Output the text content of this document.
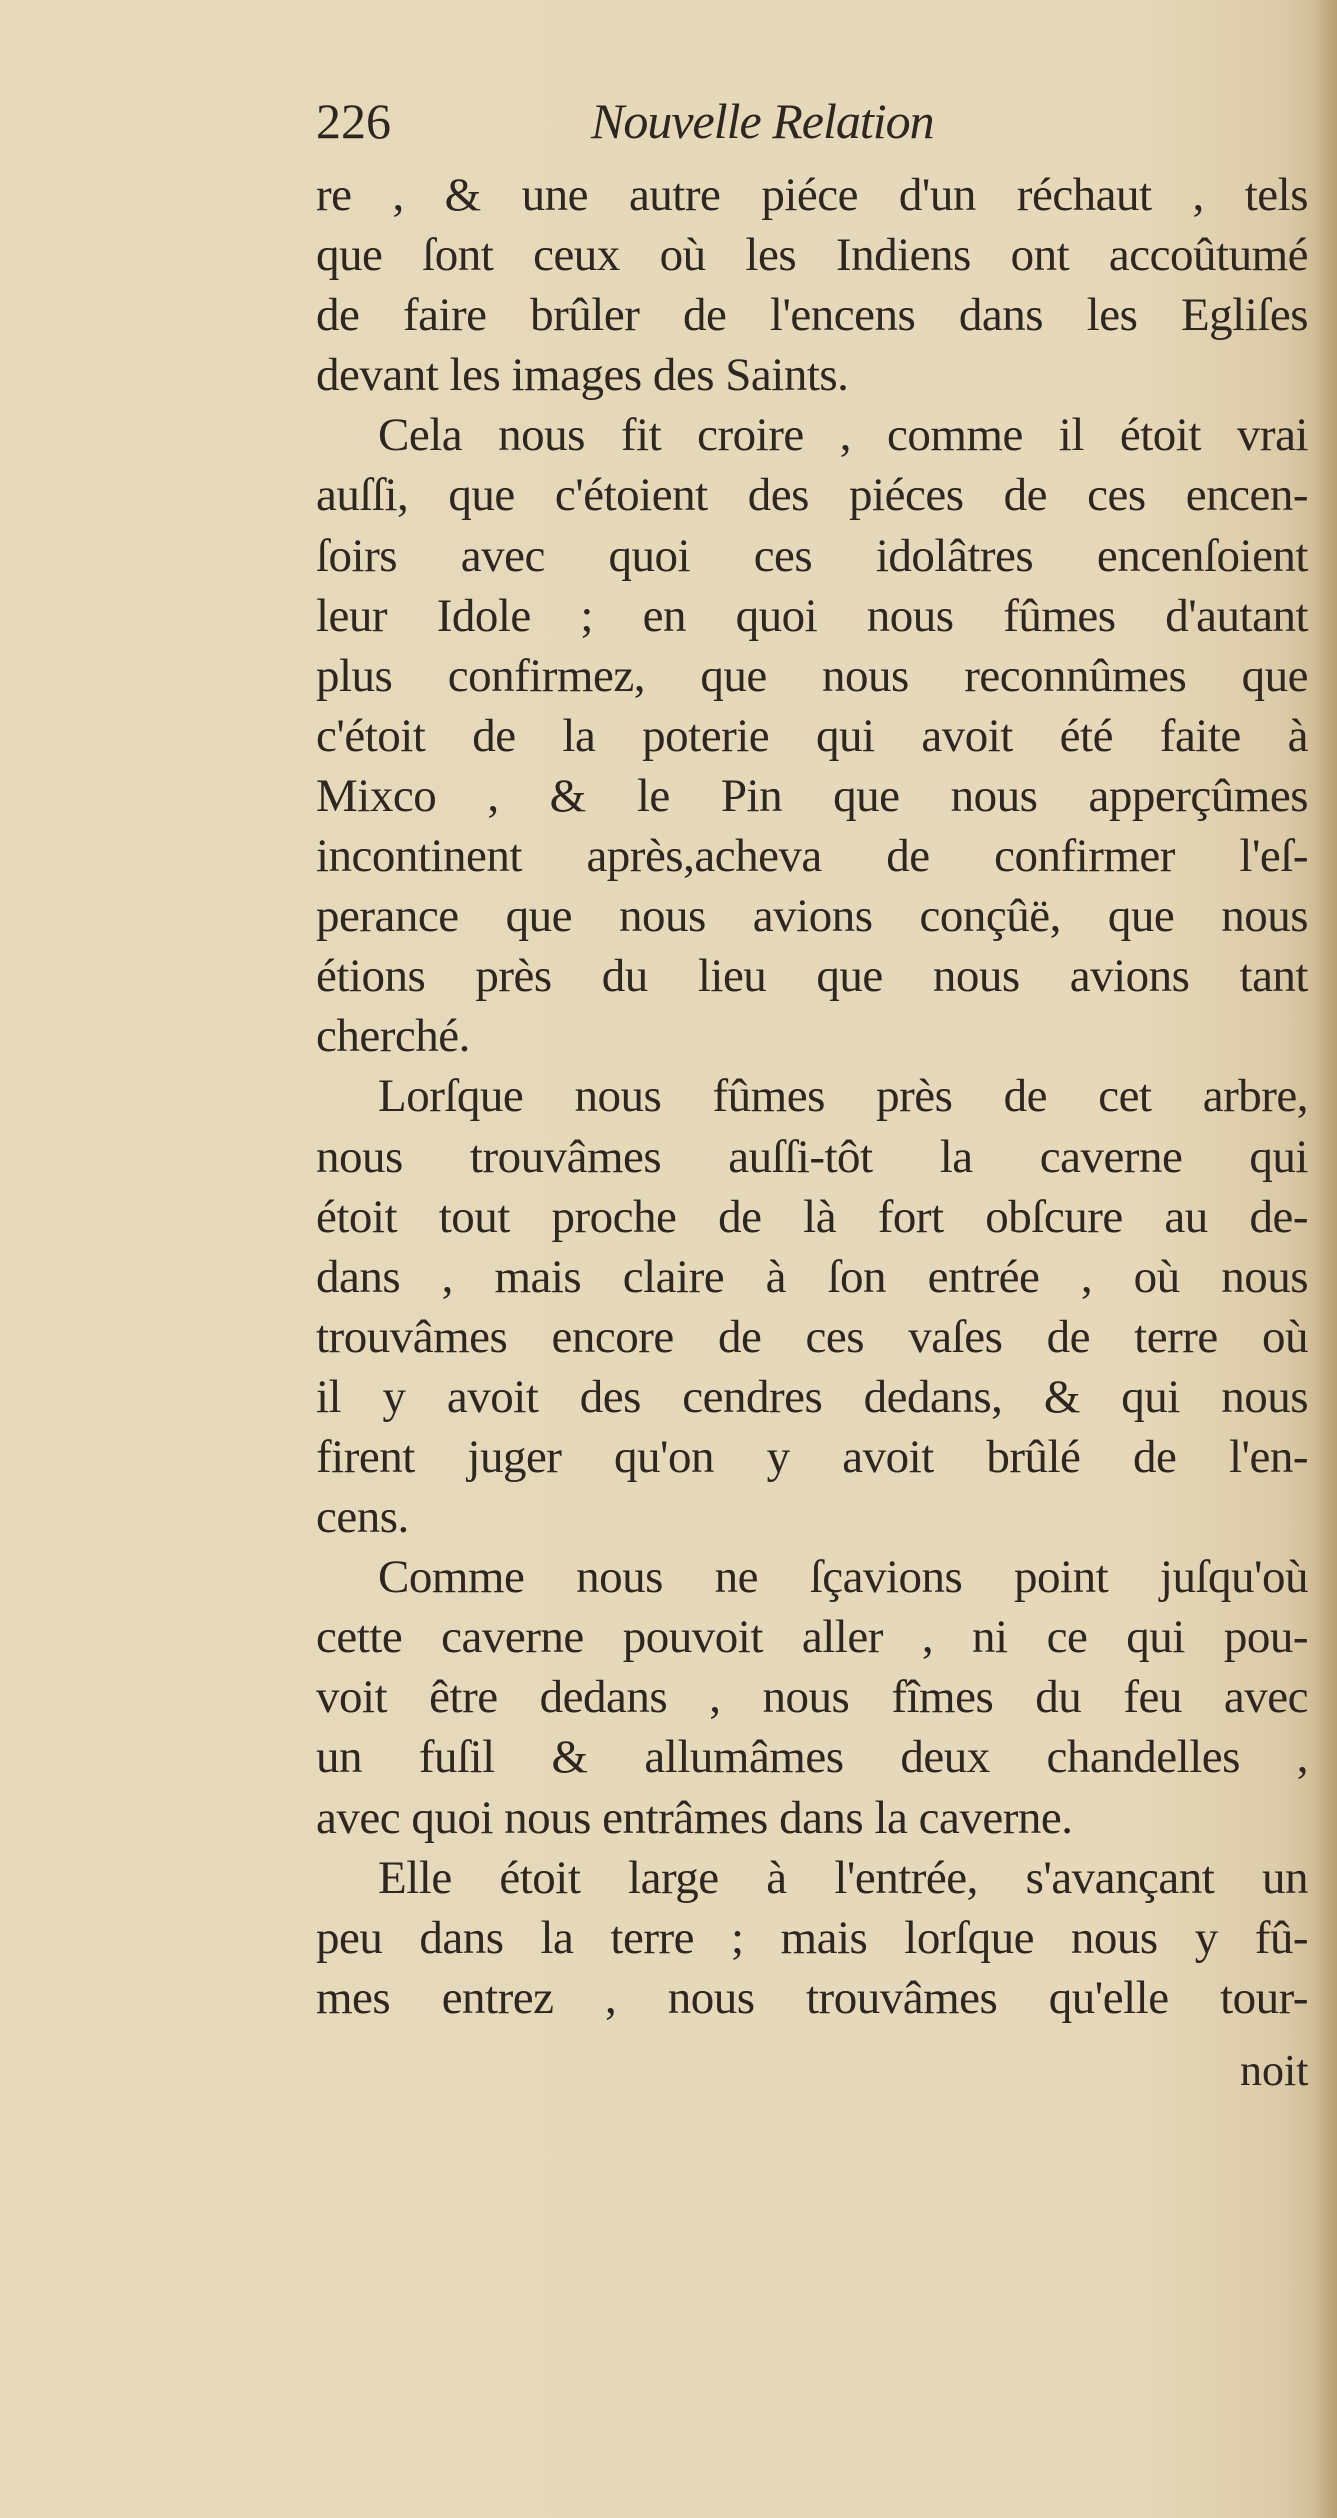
226	Nouvelle Relation
re , & une autre piéce d'un réchaut , tels
que ſont ceux où les Indiens ont accoûtumé
de faire brûler de l'encens dans les Egliſes
devant les images des Saints.
Cela nous fit croire , comme il étoit vrai
auſſi, que c'étoient des piéces de ces encen-
ſoirs avec quoi ces idolâtres encenſoient
leur Idole ; en quoi nous fûmes d'autant
plus confirmez, que nous reconnûmes que
c'étoit de la poterie qui avoit été faite à
Mixco , & le Pin que nous apperçûmes
incontinent après,acheva de confirmer l'eſ-
perance que nous avions conçûë, que nous
étions près du lieu que nous avions tant
cherché.
Lorſque nous fûmes près de cet arbre,
nous trouvâmes auſſi-tôt la caverne qui
étoit tout proche de là fort obſcure au de-
dans , mais claire à ſon entrée , où nous
trouvâmes encore de ces vaſes de terre où
il y avoit des cendres dedans, & qui nous
firent juger qu'on y avoit brûlé de l'en-
cens.
Comme nous ne ſçavions point juſqu'où
cette caverne pouvoit aller , ni ce qui pou-
voit être dedans , nous fîmes du feu avec
un fuſil & allumâmes deux chandelles ,
avec quoi nous entrâmes dans la caverne.
Elle étoit large à l'entrée, s'avançant un
peu dans la terre ; mais lorſque nous y fû-
mes entrez , nous trouvâmes qu'elle tour-
noit
